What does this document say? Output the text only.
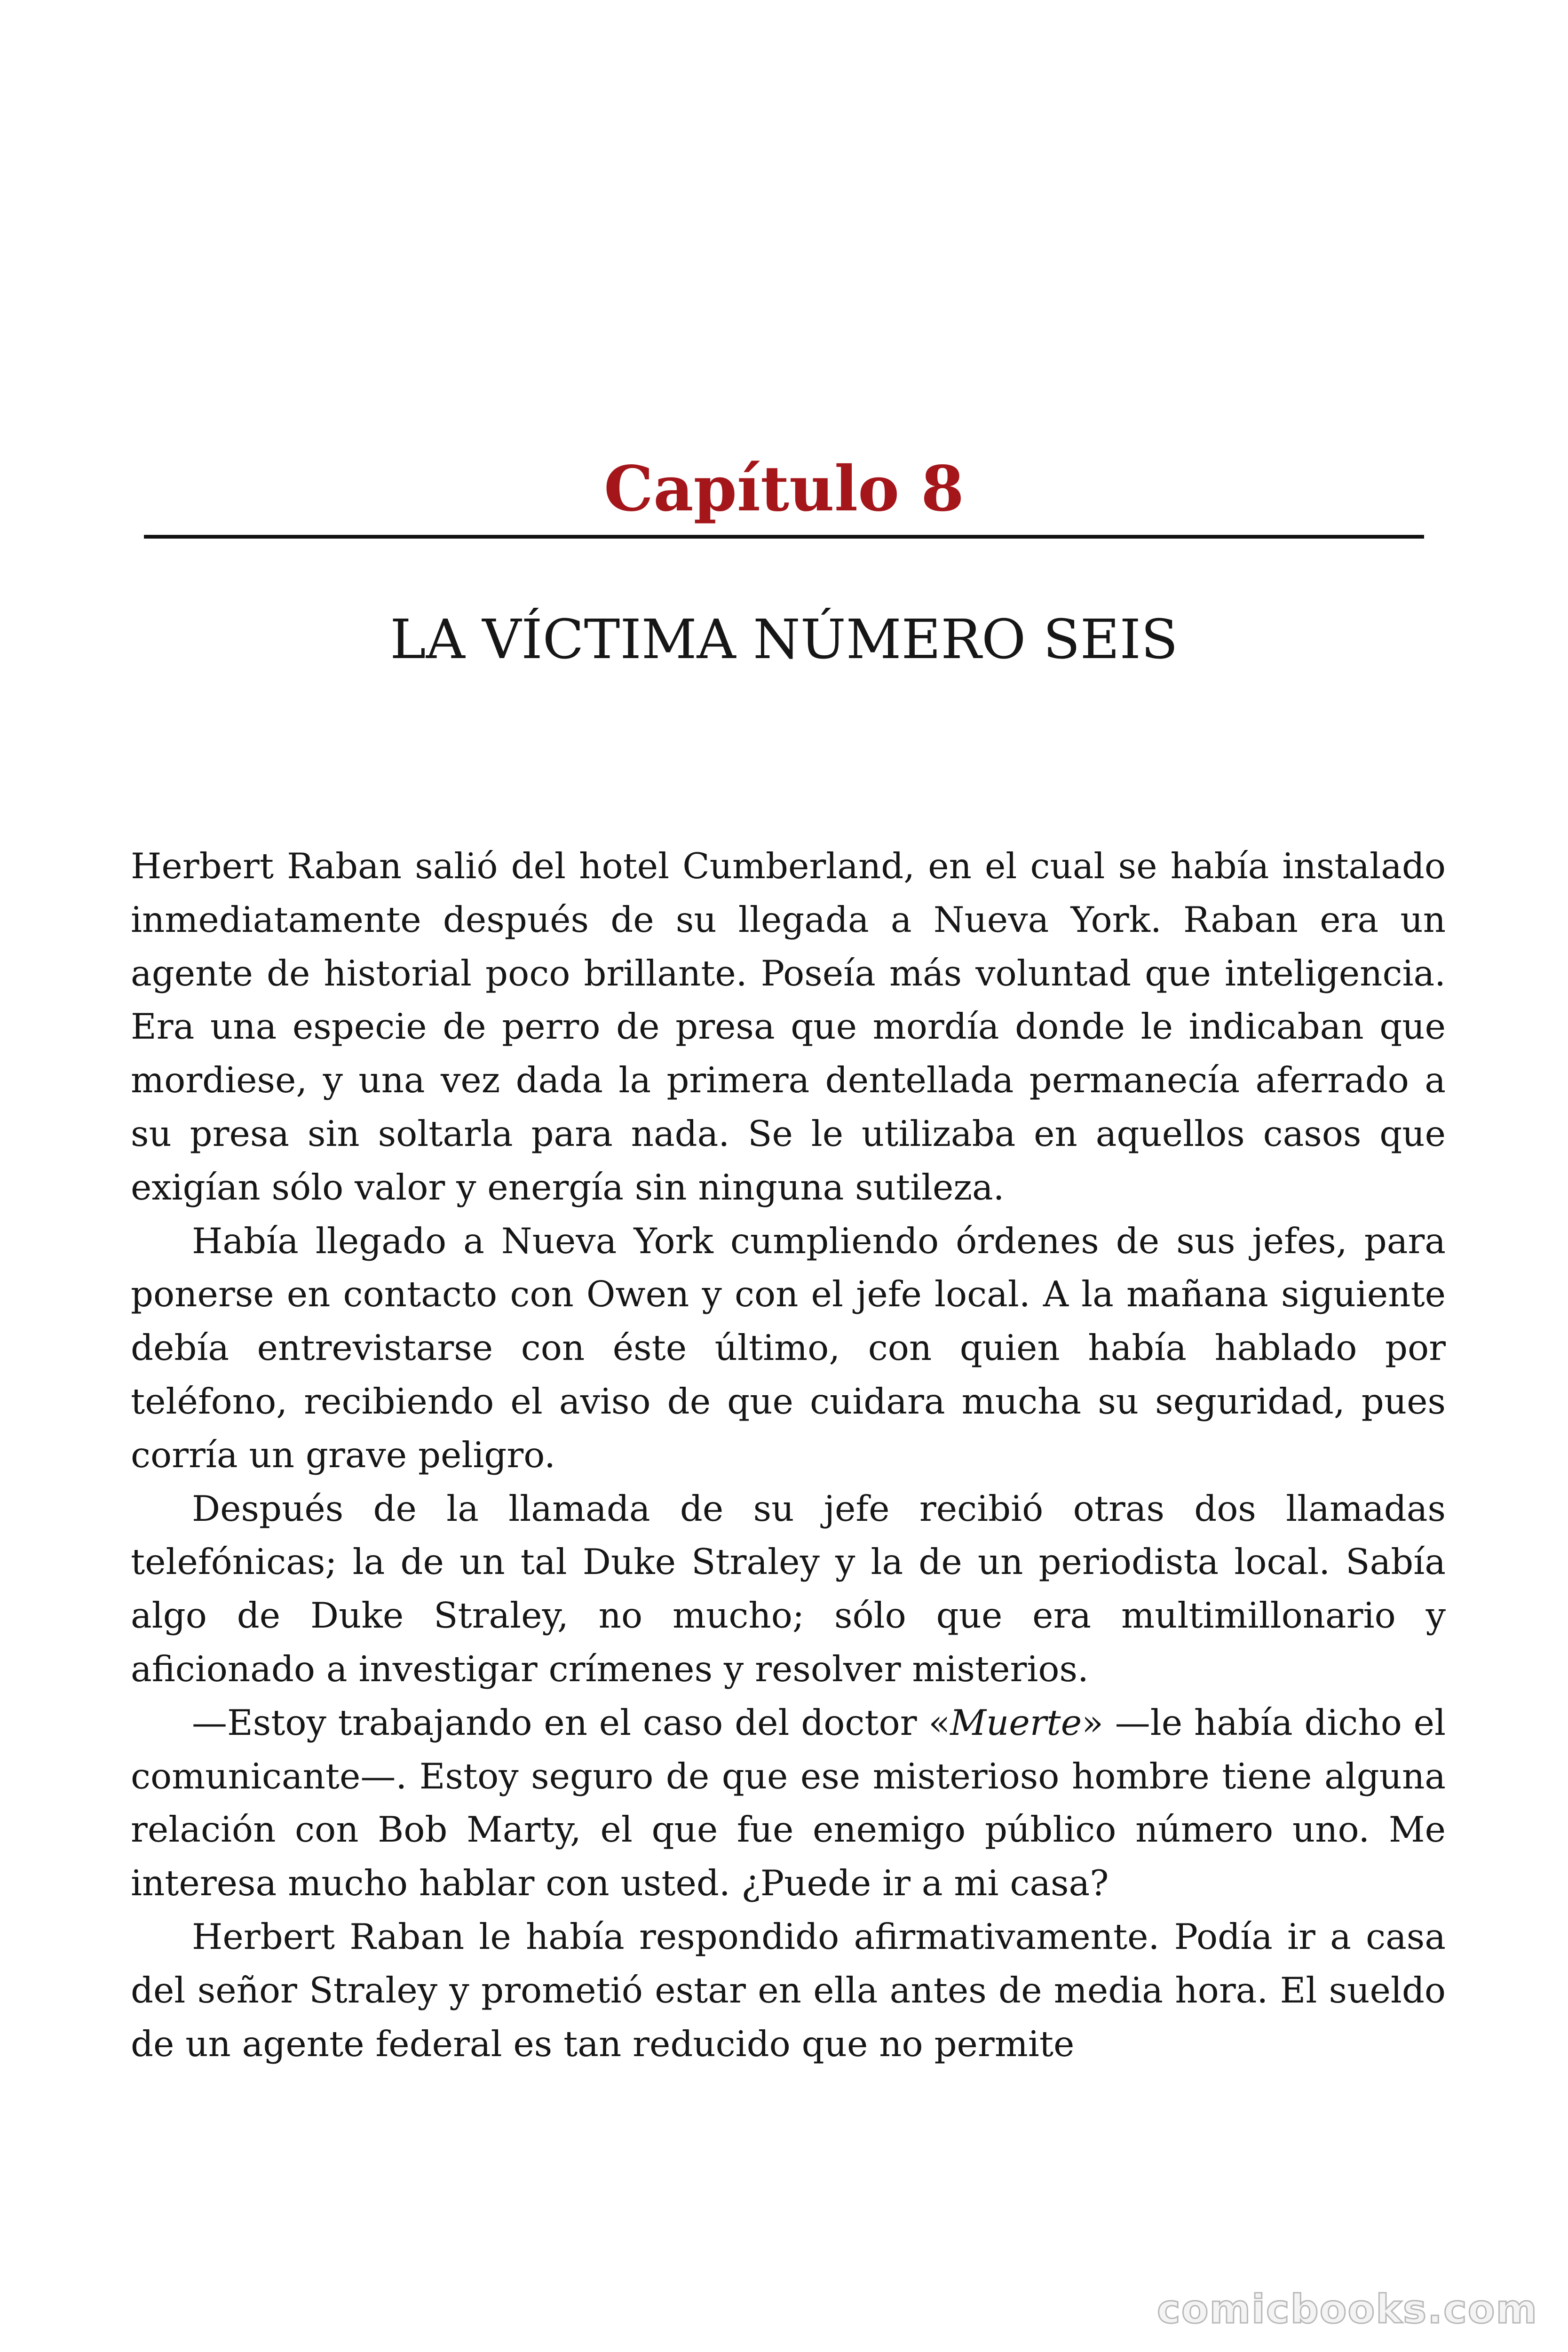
Capítulo 8
LA VÍCTIMA NÚMERO SEIS

Herbert Raban salió del hotel Cumberland, en el cual se había instalado inmediatamente después de su llegada a Nueva York. Raban era un agente de historial poco brillante. Poseía más voluntad que inteligencia. Era una especie de perro de presa que mordía donde le indicaban que mordiese, y una vez dada la primera dentellada permanecía aferrado a su presa sin soltarla para nada. Se le utilizaba en aquellos casos que exigían sólo valor y energía sin ninguna sutileza.

Había llegado a Nueva York cumpliendo órdenes de sus jefes, para ponerse en contacto con Owen y con el jefe local. A la mañana siguiente debía entrevistarse con éste último, con quien había hablado por teléfono, recibiendo el aviso de que cuidara mucha su seguridad, pues corría un grave peligro.

Después de la llamada de su jefe recibió otras dos llamadas telefónicas; la de un tal Duke Straley y la de un periodista local. Sabía algo de Duke Straley, no mucho; sólo que era multimillonario y aficionado a investigar crímenes y resolver misterios.

—Estoy trabajando en el caso del doctor «Muerte» —le había dicho el comunicante—. Estoy seguro de que ese misterioso hombre tiene alguna relación con Bob Marty, el que fue enemigo público número uno. Me interesa mucho hablar con usted. ¿Puede ir a mi casa?

Herbert Raban le había respondido afirmativamente. Podía ir a casa del señor Straley y prometió estar en ella antes de media hora. El sueldo de un agente federal es tan reducido que no permite

comicbooks.com
